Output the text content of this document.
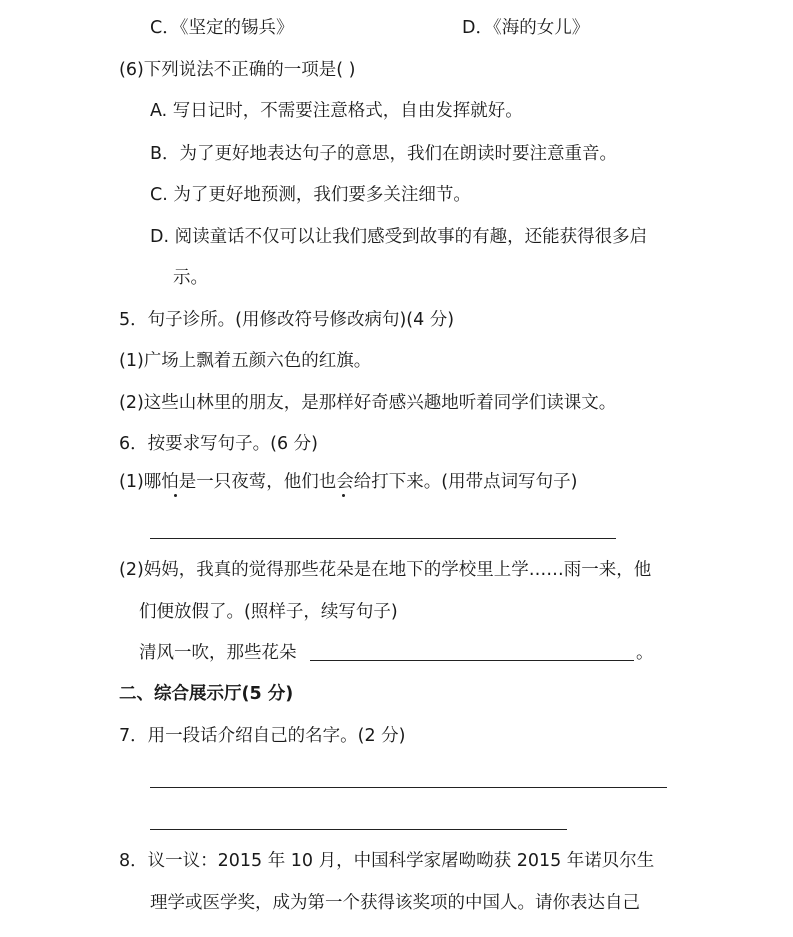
C．《坚定的锡兵》	D．《海的女儿》
(6)下列说法不正确的一项是( )
A. 写日记时，不需要注意格式，自由发挥就好。
B．为了更好地表达句子的意思，我们在朗读时要注意重音。
C. 为了更好地预测，我们要多关注细节。
D. 阅读童话不仅可以让我们感受到故事的有趣，还能获得很多启
示。
5．句子诊所。(用修改符号修改病句)(4 分)
(1)广场上飘着五颜六色的红旗。
(2)这些山林里的朋友，是那样好奇感兴趣地听着同学们读课文。
6．按要求写句子。(6 分)
(1)哪怕是一只夜莺，他们也会给打下来。(用带点词写句子)
(2)妈妈，我真的觉得那些花朵是在地下的学校里上学……雨一来，他
们便放假了。(照样子，续写句子)
清风一吹，那些花朵	。
二、综合展示厅(5 分)
7．用一段话介绍自己的名字。(2 分)
8．议一议：2015 年 10 月，中国科学家屠呦呦获 2015 年诺贝尔生
理学或医学奖，成为第一个获得该奖项的中国人。请你表达自己
